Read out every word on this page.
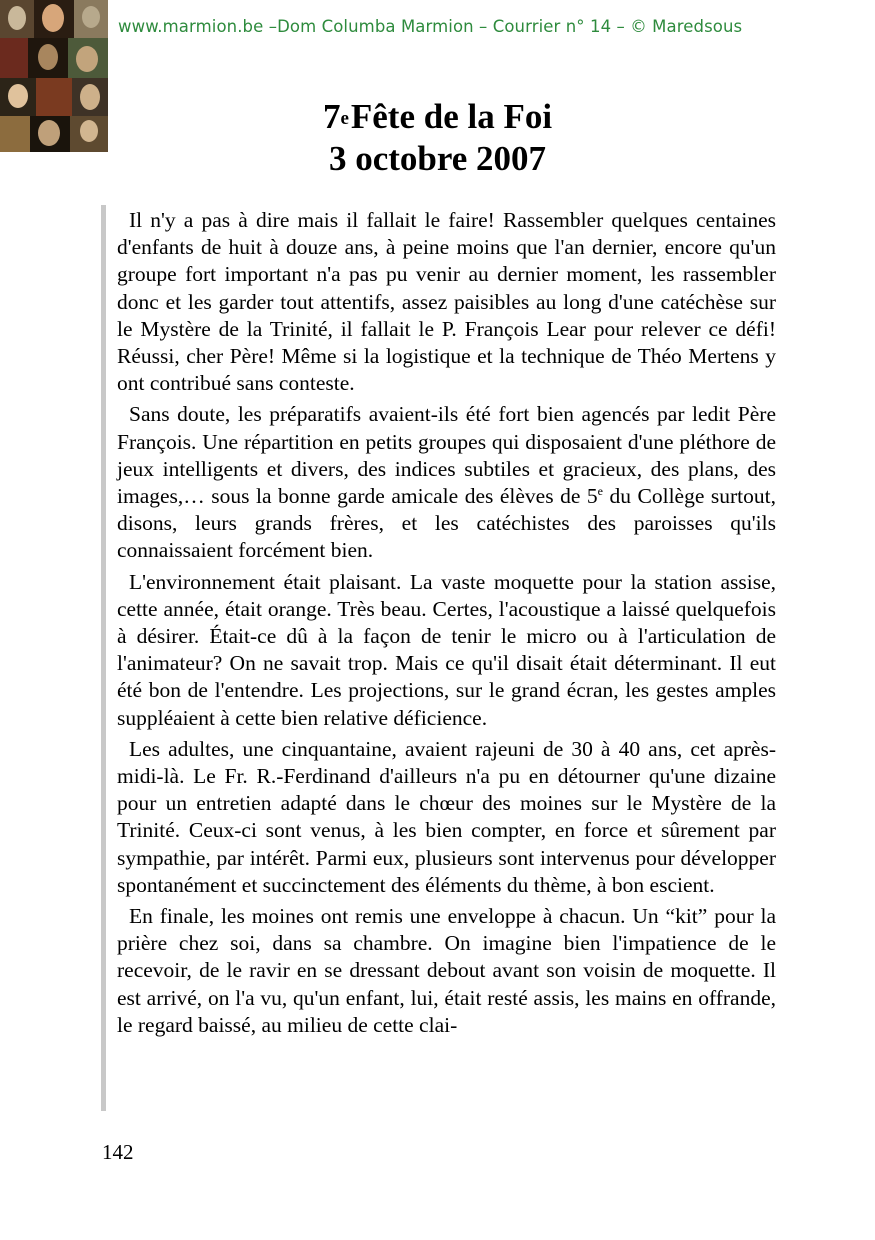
www.marmion.be –Dom Columba Marmion – Courrier n° 14 – © Maredsous
7eFête de la Foi
3 octobre 2007

Il n'y a pas à dire mais il fallait le faire! Rassembler quelques centaines d'enfants de huit à douze ans, à peine moins que l'an dernier, encore qu'un groupe fort important n'a pas pu venir au dernier moment, les rassembler donc et les garder tout attentifs, assez paisibles au long d'une catéchèse sur le Mystère de la Trinité, il fallait le P. François Lear pour relever ce défi! Réussi, cher Père! Même si la logistique et la technique de Théo Mertens y ont contribué sans conteste.

Sans doute, les préparatifs avaient-ils été fort bien agencés par ledit Père François. Une répartition en petits groupes qui disposaient d'une pléthore de jeux intelligents et divers, des indices subtiles et gracieux, des plans, des images,… sous la bonne garde amicale des élèves de 5e du Collège surtout, disons, leurs grands frères, et les catéchistes des paroisses qu'ils connaissaient forcément bien.

L'environnement était plaisant. La vaste moquette pour la station assise, cette année, était orange. Très beau. Certes, l'acoustique a laissé quelquefois à désirer. Était-ce dû à la façon de tenir le micro ou à l'articulation de l'animateur? On ne savait trop. Mais ce qu'il disait était déterminant. Il eut été bon de l'entendre. Les projections, sur le grand écran, les gestes amples suppléaient à cette bien relative déficience.

Les adultes, une cinquantaine, avaient rajeuni de 30 à 40 ans, cet après-midi-là. Le Fr. R.-Ferdinand d'ailleurs n'a pu en détourner qu'une dizaine pour un entretien adapté dans le chœur des moines sur le Mystère de la Trinité. Ceux-ci sont venus, à les bien compter, en force et sûrement par sympathie, par intérêt. Parmi eux, plusieurs sont intervenus pour développer spontanément et succinctement des éléments du thème, à bon escient.

En finale, les moines ont remis une enveloppe à chacun. Un “kit” pour la prière chez soi, dans sa chambre. On imagine bien l'impatience de le recevoir, de le ravir en se dressant debout avant son voisin de moquette. Il est arrivé, on l'a vu, qu'un enfant, lui, était resté assis, les mains en offrande, le regard baissé, au milieu de cette clai-

142
